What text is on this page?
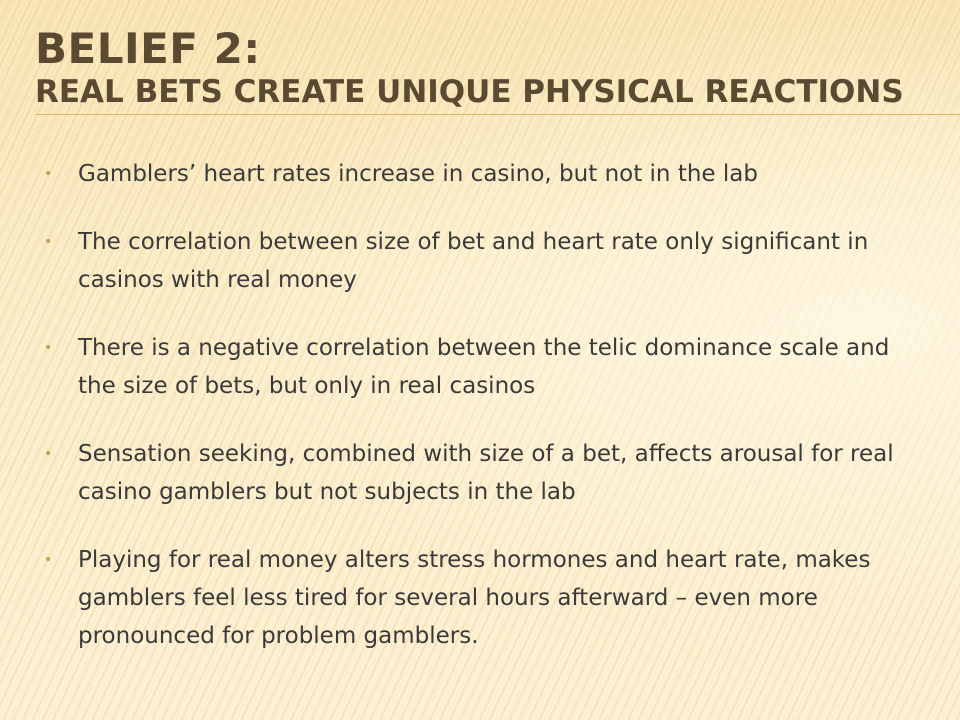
BELIEF 2:
REAL BETS CREATE UNIQUE PHYSICAL REACTIONS
• Gamblers’ heart rates increase in casino, but not in the lab
• The correlation between size of bet and heart rate only significant in casinos with real money
• There is a negative correlation between the telic dominance scale and the size of bets, but only in real casinos
• Sensation seeking, combined with size of a bet, affects arousal for real casino gamblers but not subjects in the lab
• Playing for real money alters stress hormones and heart rate, makes gamblers feel less tired for several hours afterward – even more pronounced for problem gamblers.
